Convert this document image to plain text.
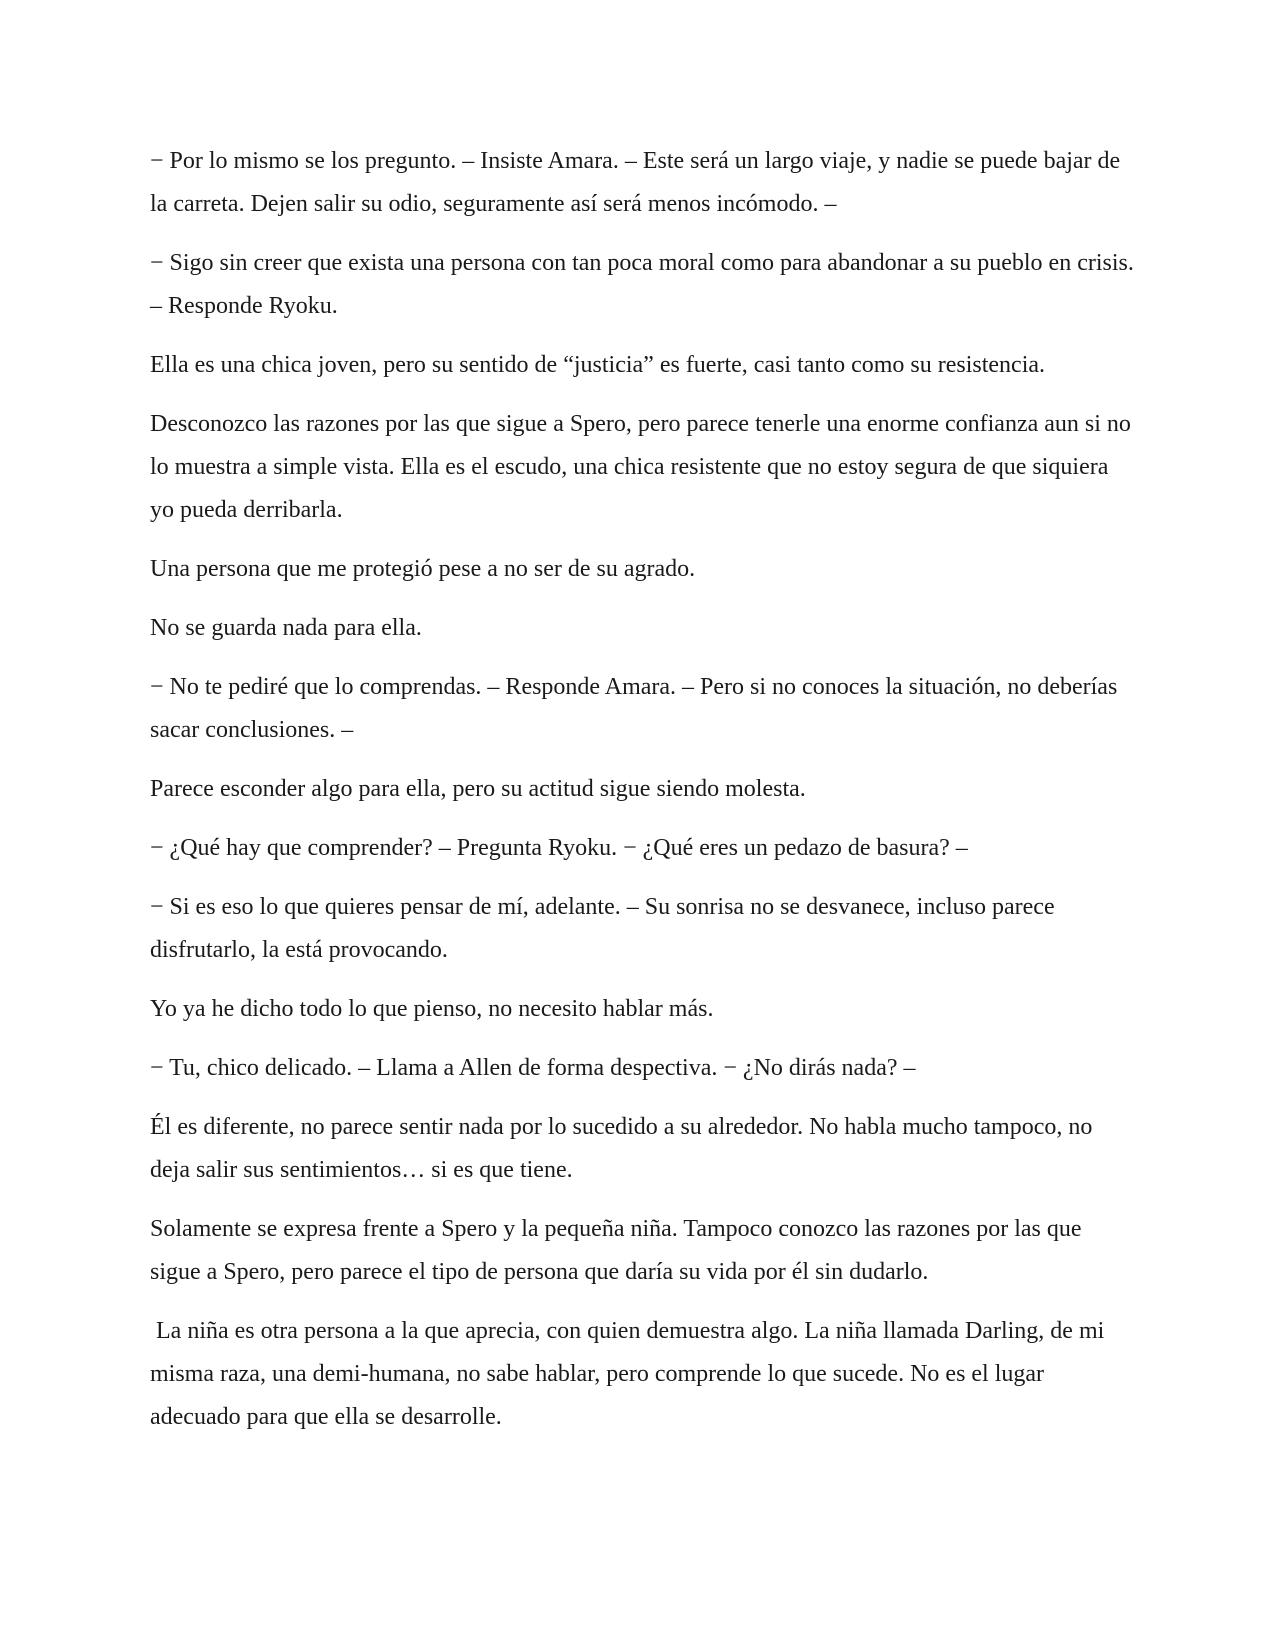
− Por lo mismo se los pregunto. – Insiste Amara. – Este será un largo viaje, y nadie se puede bajar de la carreta. Dejen salir su odio, seguramente así será menos incómodo. –

− Sigo sin creer que exista una persona con tan poca moral como para abandonar a su pueblo en crisis. – Responde Ryoku.

Ella es una chica joven, pero su sentido de “justicia” es fuerte, casi tanto como su resistencia.

Desconozco las razones por las que sigue a Spero, pero parece tenerle una enorme confianza aun si no lo muestra a simple vista. Ella es el escudo, una chica resistente que no estoy segura de que siquiera yo pueda derribarla.

Una persona que me protegió pese a no ser de su agrado.

No se guarda nada para ella.

− No te pediré que lo comprendas. – Responde Amara. – Pero si no conoces la situación, no deberías sacar conclusiones. –

Parece esconder algo para ella, pero su actitud sigue siendo molesta.

− ¿Qué hay que comprender? – Pregunta Ryoku. − ¿Qué eres un pedazo de basura? –

− Si es eso lo que quieres pensar de mí, adelante. – Su sonrisa no se desvanece, incluso parece disfrutarlo, la está provocando.

Yo ya he dicho todo lo que pienso, no necesito hablar más.

− Tu, chico delicado. – Llama a Allen de forma despectiva. − ¿No dirás nada? –

Él es diferente, no parece sentir nada por lo sucedido a su alrededor. No habla mucho tampoco, no deja salir sus sentimientos… si es que tiene.

Solamente se expresa frente a Spero y la pequeña niña. Tampoco conozco las razones por las que sigue a Spero, pero parece el tipo de persona que daría su vida por él sin dudarlo.

La niña es otra persona a la que aprecia, con quien demuestra algo. La niña llamada Darling, de mi misma raza, una demi-humana, no sabe hablar, pero comprende lo que sucede. No es el lugar adecuado para que ella se desarrolle.
